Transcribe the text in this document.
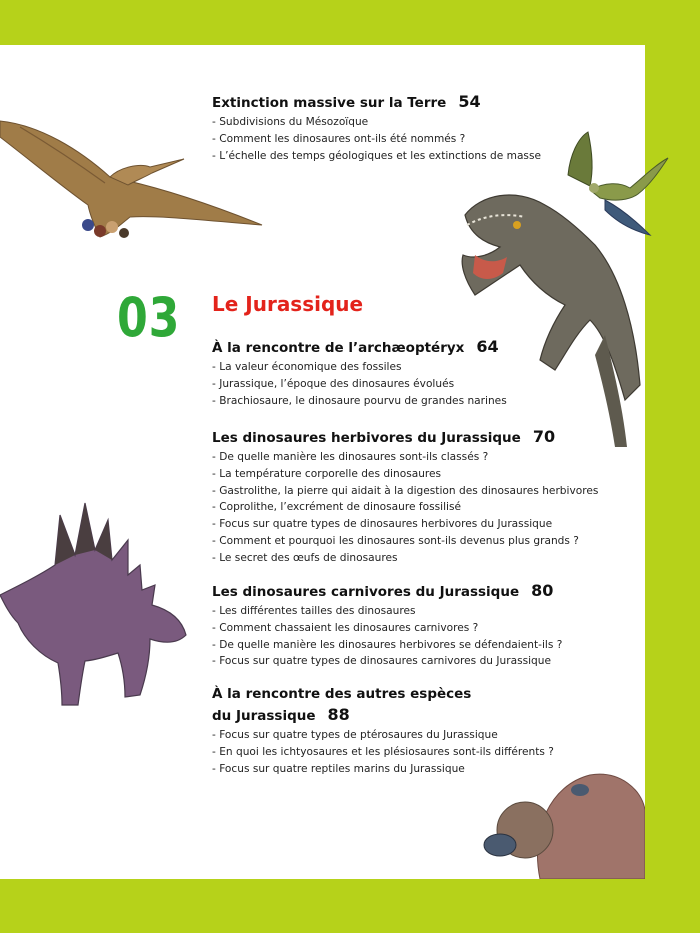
Extinction massive sur la Terre 54
- Subdivisions du Mésozoïque
- Comment les dinosaures ont-ils été nommés ?
- L’échelle des temps géologiques et les extinctions de masse
03 Le Jurassique
À la rencontre de l’archæoptéryx 64
- La valeur économique des fossiles
- Jurassique, l’époque des dinosaures évolués
- Brachiosaure, le dinosaure pourvu de grandes narines
Les dinosaures herbivores du Jurassique 70
- De quelle manière les dinosaures sont-ils classés ?
- La température corporelle des dinosaures
- Gastrolithe, la pierre qui aidait à la digestion des dinosaures herbivores
- Coprolithe, l’excrément de dinosaure fossilisé
- Focus sur quatre types de dinosaures herbivores du Jurassique
- Comment et pourquoi les dinosaures sont-ils devenus plus grands ?
- Le secret des œufs de dinosaures
Les dinosaures carnivores du Jurassique 80
- Les différentes tailles des dinosaures
- Comment chassaient les dinosaures carnivores ?
- De quelle manière les dinosaures herbivores se défendaient-ils ?
- Focus sur quatre types de dinosaures carnivores du Jurassique
À la rencontre des autres espèces
du Jurassique 88
- Focus sur quatre types de ptérosaures du Jurassique
- En quoi les ichtyosaures et les plésiosaures sont-ils différents ?
- Focus sur quatre reptiles marins du Jurassique
